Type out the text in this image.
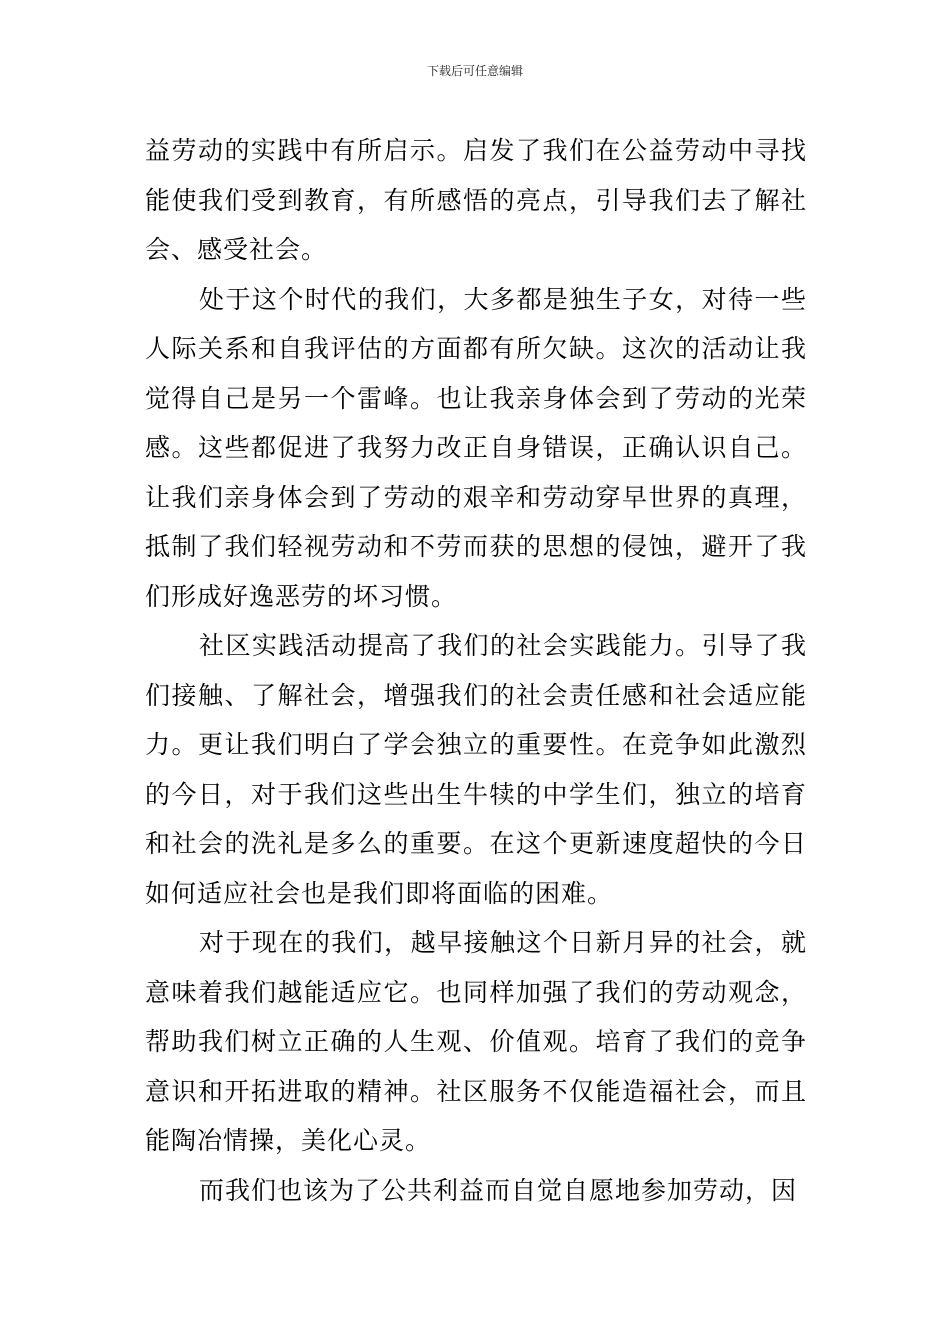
下载后可任意编辑

益劳动的实践中有所启示。启发了我们在公益劳动中寻找能使我们受到教育，有所感悟的亮点，引导我们去了解社会、感受社会。

处于这个时代的我们，大多都是独生子女，对待一些人际关系和自我评估的方面都有所欠缺。这次的活动让我觉得自己是另一个雷峰。也让我亲身体会到了劳动的光荣感。这些都促进了我努力改正自身错误，正确认识自己。让我们亲身体会到了劳动的艰辛和劳动穿早世界的真理，抵制了我们轻视劳动和不劳而获的思想的侵蚀，避开了我们形成好逸恶劳的坏习惯。

社区实践活动提高了我们的社会实践能力。引导了我们接触、了解社会，增强我们的社会责任感和社会适应能力。更让我们明白了学会独立的重要性。在竞争如此激烈的今日，对于我们这些出生牛犊的中学生们，独立的培育和社会的洗礼是多么的重要。在这个更新速度超快的今日如何适应社会也是我们即将面临的困难。

对于现在的我们，越早接触这个日新月异的社会，就意味着我们越能适应它。也同样加强了我们的劳动观念，帮助我们树立正确的人生观、价值观。培育了我们的竞争意识和开拓进取的精神。社区服务不仅能造福社会，而且能陶冶情操，美化心灵。

而我们也该为了公共利益而自觉自愿地参加劳动，因
